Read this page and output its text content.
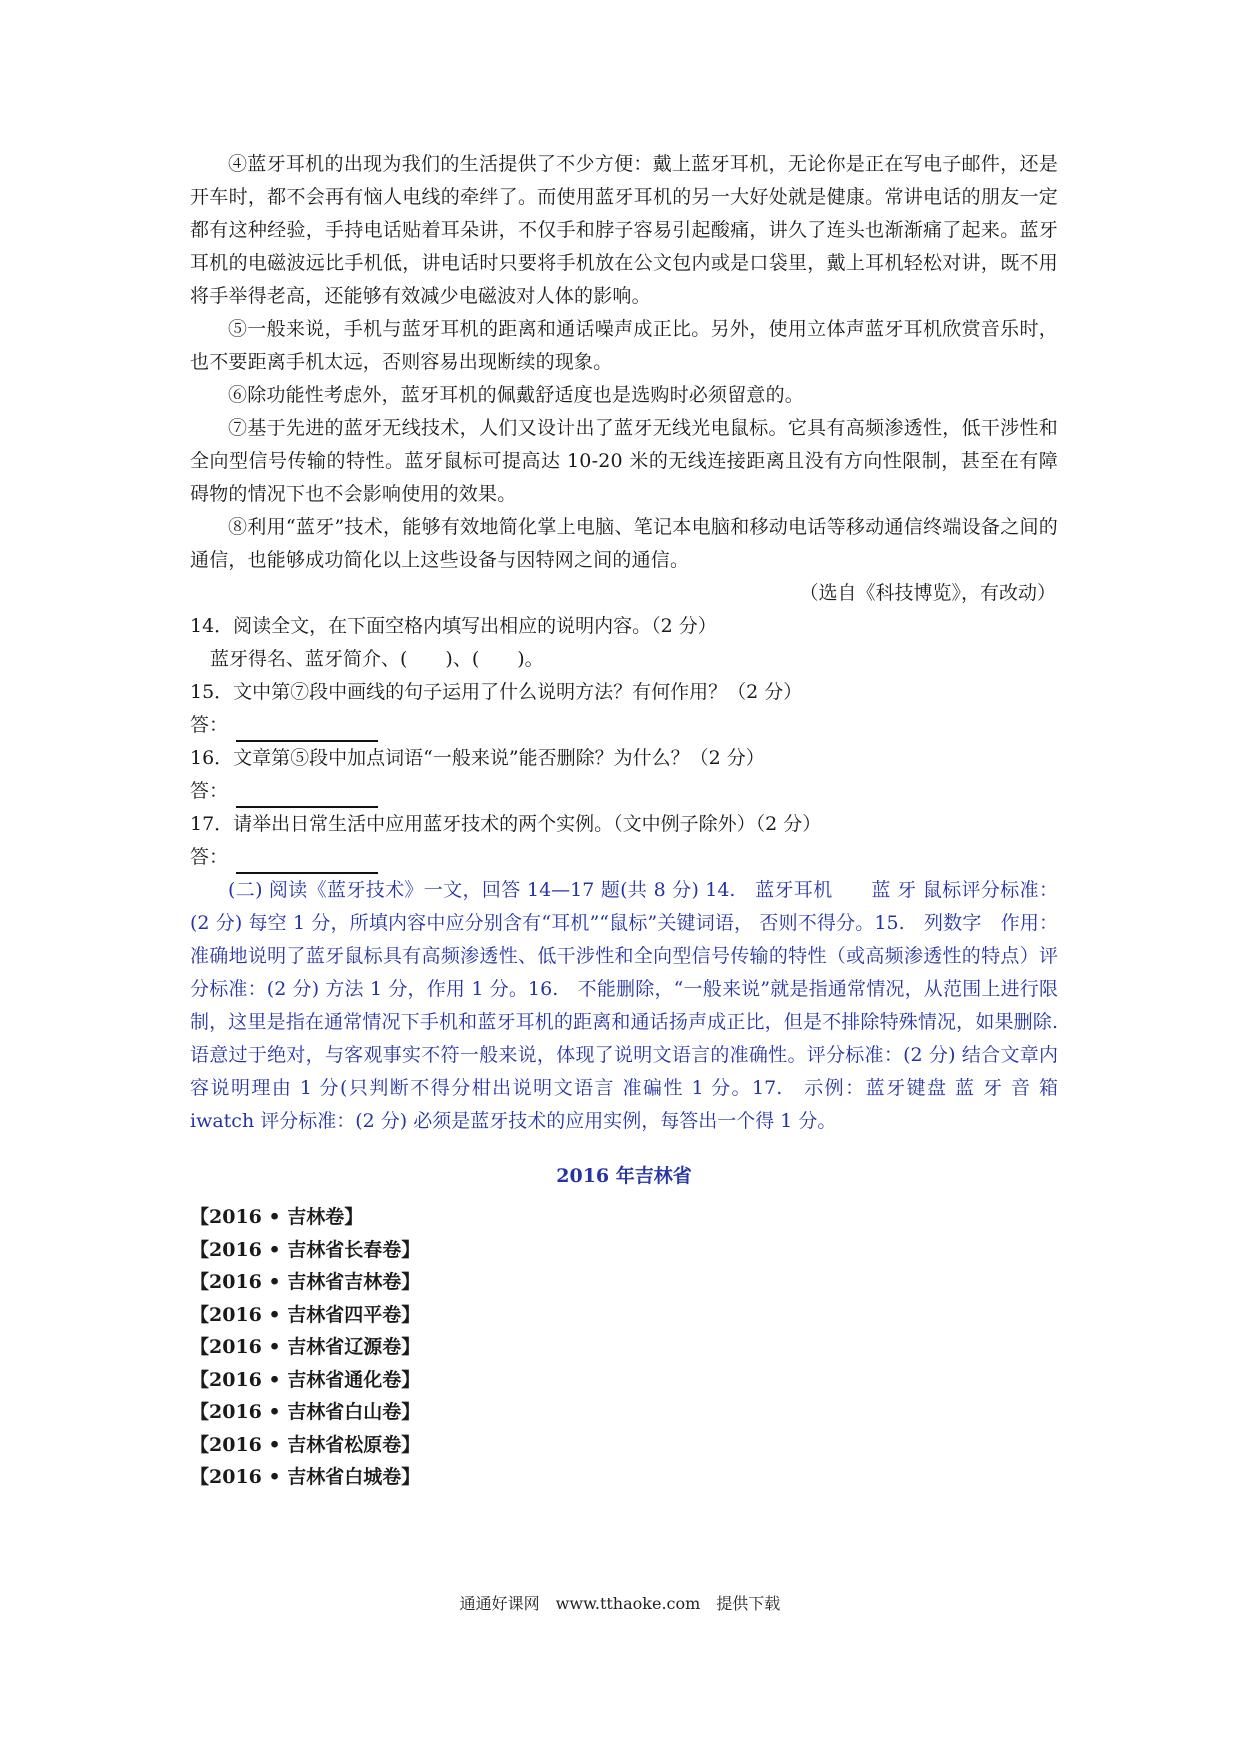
④蓝牙耳机的出现为我们的生活提供了不少方便：戴上蓝牙耳机，无论你是正在写电子邮件，还是开车时，都不会再有恼人电线的牵绊了。而使用蓝牙耳机的另一大好处就是健康。常讲电话的朋友一定都有这种经验，手持电话贴着耳朵讲，不仅手和脖子容易引起酸痛，讲久了连头也渐渐痛了起来。蓝牙耳机的电磁波远比手机低，讲电话时只要将手机放在公文包内或是口袋里，戴上耳机轻松对讲，既不用将手举得老高，还能够有效减少电磁波对人体的影响。

⑤一般来说，手机与蓝牙耳机的距离和通话噪声成正比。另外，使用立体声蓝牙耳机欣赏音乐时，也不要距离手机太远，否则容易出现断续的现象。

⑥除功能性考虑外，蓝牙耳机的佩戴舒适度也是选购时必须留意的。

⑦基于先进的蓝牙无线技术，人们又设计出了蓝牙无线光电鼠标。它具有高频渗透性，低干涉性和全向型信号传输的特性。蓝牙鼠标可提高达 10-20 米的无线连接距离且没有方向性限制，甚至在有障碍物的情况下也不会影响使用的效果。

⑧利用“蓝牙”技术，能够有效地简化掌上电脑、笔记本电脑和移动电话等移动通信终端设备之间的通信，也能够成功简化以上这些设备与因特网之间的通信。

（选自《科技博览》，有改动）

14．阅读全文，在下面空格内填写出相应的说明内容。（2 分）

蓝牙得名、蓝牙简介、(　　)、(　　)。

15．文中第⑦段中画线的句子运用了什么说明方法？有何作用？（2 分）

答：

16．文章第⑤段中加点词语“一般来说”能否删除？为什么？（2 分）

答：

17．请举出日常生活中应用蓝牙技术的两个实例。（文中例子除外）（2 分）

答：

(二) 阅读《蓝牙技术》一文，回答 14—17 题(共 8 分) 14.　蓝牙耳机　　蓝 牙 鼠标评分标准：(2 分) 每空 1 分，所填内容中应分别含有“耳机”“鼠标”关键词语， 否则不得分。15.　列数字　作用：准确地说明了蓝牙鼠标具有高频渗透性、低干涉性和全向型信号传输的特性（或高频渗透性的特点）评分标准：(2 分) 方法 1 分，作用 1 分。16.　不能删除，“一般来说”就是指通常情况，从范围上进行限制，这里是指在通常情况下手机和蓝牙耳机的距离和通话扬声成正比，但是不排除特殊情况，如果删除. 语意过于绝对，与客观事实不符一般来说，体现了说明文语言的准确性。评分标准：(2 分) 结合文章内容说明理由 1 分(只判断不得分柑出说明文语言 准碥性 1 分。17.　示例：蓝牙键盘 蓝 牙 音 箱 iwatch 评分标准：(2 分) 必须是蓝牙技术的应用实例，每答出一个得 1 分。

2016 年吉林省
【2016 • 吉林卷】
【2016 • 吉林省长春卷】
【2016 • 吉林省吉林卷】
【2016 • 吉林省四平卷】
【2016 • 吉林省辽源卷】
【2016 • 吉林省通化卷】
【2016 • 吉林省白山卷】
【2016 • 吉林省松原卷】
【2016 • 吉林省白城卷】
通通好课网　www.tthaoke.com　提供下载
